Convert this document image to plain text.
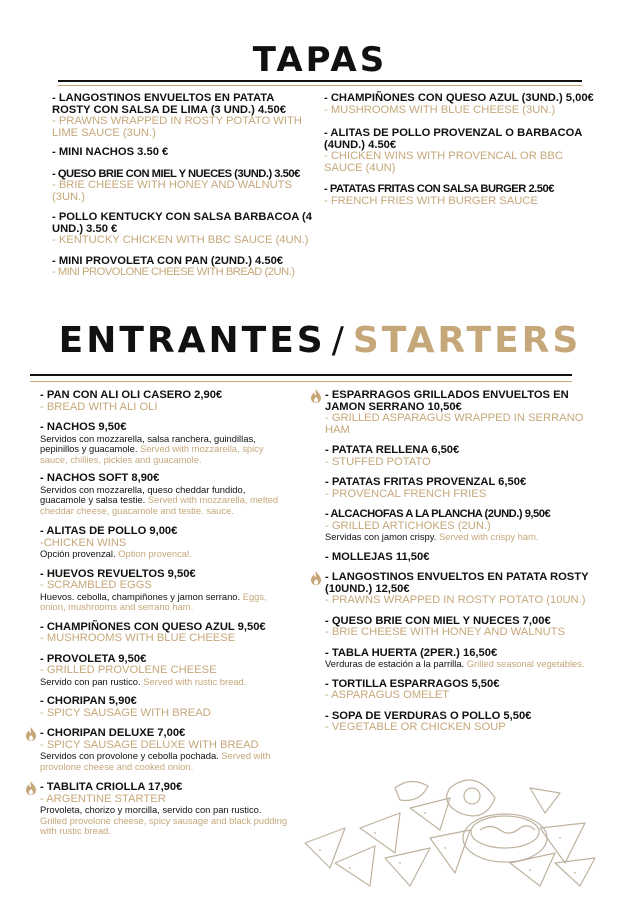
TAPAS
- LANGOSTINOS ENVUELTOS EN PATATA ROSTY CON SALSA DE LIMA (3 UND.) 4.50€
- PRAWNS WRAPPED IN ROSTY POTATO WITH LIME SAUCE (3UN.)
- MINI NACHOS 3.50 €
- QUESO BRIE CON MIEL Y NUECES (3UND.) 3.50€
- BRIE CHEESE WITH HONEY AND WALNUTS (3UN.)
- POLLO KENTUCKY CON SALSA BARBACOA (4 UND.) 3.50 €
- KENTUCKY CHICKEN WITH BBC SAUCE (4UN.)
- MINI PROVOLETA CON PAN (2UND.) 4.50€
- MINI PROVOLONE CHEESE WITH BREAD (2UN.)
- CHAMPIÑONES CON QUESO AZUL (3UND.) 5,00€
- MUSHROOMS WITH BLUE CHEESE (3UN.)
- ALITAS DE POLLO PROVENZAL O BARBACOA (4UND.) 4.50€
- CHICKEN WINS WITH PROVENCAL OR BBC SAUCE (4UN)
- PATATAS FRITAS CON SALSA BURGER 2.50€
- FRENCH FRIES WITH BURGER SAUCE
ENTRANTES / STARTERS
- PAN CON ALI OLI CASERO 2,90€
- BREAD WITH ALI OLI
- NACHOS 9,50€
Servidos con mozzarella, salsa ranchera, guindillas, pepinillos y guacamole. Served with mozzarella, spicy sauce, chillies, pickles and guacamole.
- NACHOS SOFT 8,90€
Servidos con mozzarella, queso cheddar fundido, guacamole y salsa testie. Served with mozzarella, melted cheddar cheese, guacamole and testie. sauce.
- ALITAS DE POLLO 9,00€
-CHICKEN WINS
Opción provenzal. Option provencal.
- HUEVOS REVUELTOS 9,50€
- SCRAMBLED EGGS
Huevos. cebolla, champiñones y jamon serrano. Eggs, onion, mushrooms and serrano ham.
- CHAMPIÑONES CON QUESO AZUL 9,50€
- MUSHROOMS WITH BLUE CHEESE
- PROVOLETA 9,50€
- GRILLED PROVOLENE CHEESE
Servido con pan rustico. Served with rustic bread.
- CHORIPAN 5,90€
- SPICY SAUSAGE WITH BREAD
- CHORIPAN DELUXE 7,00€
- SPICY SAUSAGE DELUXE WITH BREAD
Servidos con provolone y cebolla pochada. Served with provolone cheese and cooked onion.
- TABLITA CRIOLLA 17,90€
- ARGENTINE STARTER
Provoleta, chorizo y morcilla, servido con pan rustico. Grilled provolone cheese, spicy sausage and black pudding with rustic bread.
- ESPARRAGOS GRILLADOS ENVUELTOS EN JAMON SERRANO 10,50€
- GRILLED ASPARAGUS WRAPPED IN SERRANO HAM
- PATATA RELLENA 6,50€
- STUFFED POTATO
- PATATAS FRITAS PROVENZAL 6,50€
- PROVENCAL FRENCH FRIES
- ALCACHOFAS A LA PLANCHA (2UND.) 9,50€
- GRILLED ARTICHOKES (2UN.)
Servidas con jamon crispy. Served with crispy ham.
- MOLLEJAS 11,50€
- LANGOSTINOS ENVUELTOS EN PATATA ROSTY (10UND.) 12,50€
- PRAWNS WRAPPED IN ROSTY POTATO (10UN.)
- QUESO BRIE CON MIEL Y NUECES 7,00€
- BRIE CHEESE WITH HONEY AND WALNUTS
- TABLA HUERTA (2PER.) 16,50€
Verduras de estación a la parrilla. Grilled seasonal vegetables.
- TORTILLA ESPARRAGOS 5,50€
- ASPARAGUS OMELET
- SOPA DE VERDURAS O POLLO 5,50€
- VEGETABLE OR CHICKEN SOUP
